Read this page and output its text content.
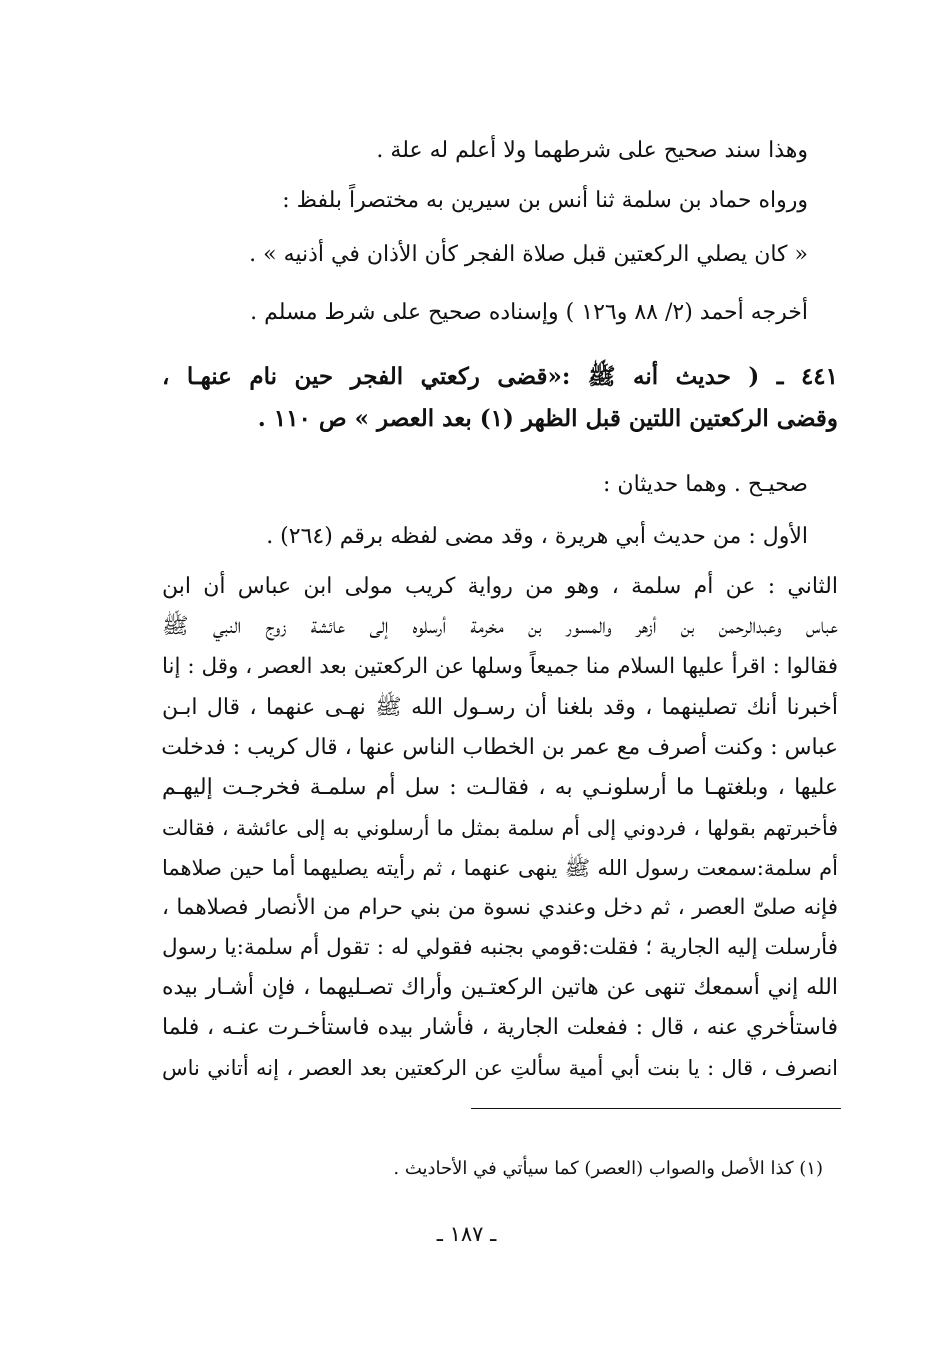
وهذا سند صحيح على شرطهما ولا أعلم له علة .
ورواه حماد بن سلمة ثنا أنس بن سيرين به مختصراً بلفظ :
« كان يصلي الركعتين قبل صلاة الفجر كأن الأذان في أذنيه » .
أخرجه أحمد (٢/ ٨٨ و١٢٦ ) وإسناده صحيح على شرط مسلم .
٤٤١ ـ ( حديث أنه ﷺ :«قضى ركعتي الفجر حين نام عنهـا ،
وقضى الركعتين اللتين قبل الظهر (١) بعد العصر » ص ١١٠ .
صحيـح . وهما حديثان :
الأول : من حديث أبي هريرة ، وقد مضى لفظه برقم (٢٦٤) .
الثاني : عن أم سلمة ، وهو من رواية كريب مولى ابن عباس أن ابن
عباس وعبدالرحمن بن أزهر والمسور بن مخرمة أرسلوه إلى عائشة زوج النبي ﷺ
فقالوا : اقرأ عليها السلام منا جميعاً وسلها عن الركعتين بعد العصر ، وقل : إنا
أخبرنا أنك تصلينهما ، وقد بلغنا أن رسـول الله ﷺ نهـى عنهما ، قال ابـن
عباس : وكنت أصرف مع عمر بن الخطاب الناس عنها ، قال كريب : فدخلت
عليها ، وبلغتهـا ما أرسلونـي به ، فقالـت : سل أم سلمـة فخرجـت إليهـم
فأخبرتهم بقولها ، فردوني إلى أم سلمة بمثل ما أرسلوني به إلى عائشة ، فقالت
أم سلمة:سمعت رسول الله ﷺ ينهى عنهما ، ثم رأيته يصليهما أما حين صلاهما
فإنه صلىّ العصر ، ثم دخل وعندي نسوة من بني حرام من الأنصار فصلاهما ،
فأرسلت إليه الجارية ؛ فقلت:قومي بجنبه فقولي له : تقول أم سلمة:يا رسول
الله إني أسمعك تنهى عن هاتين الركعتـين وأراك تصـليهما ، فإن أشـار بيده
فاستأخري عنه ، قال : ففعلت الجارية ، فأشار بيده فاستأخـرت عنـه ، فلما
انصرف ، قال : يا بنت أبي أمية سألتِ عن الركعتين بعد العصر ، إنه أتاني ناس
(١) كذا الأصل والصواب (العصر) كما سيأتي في الأحاديث .
ـ ١٨٧ ـ
